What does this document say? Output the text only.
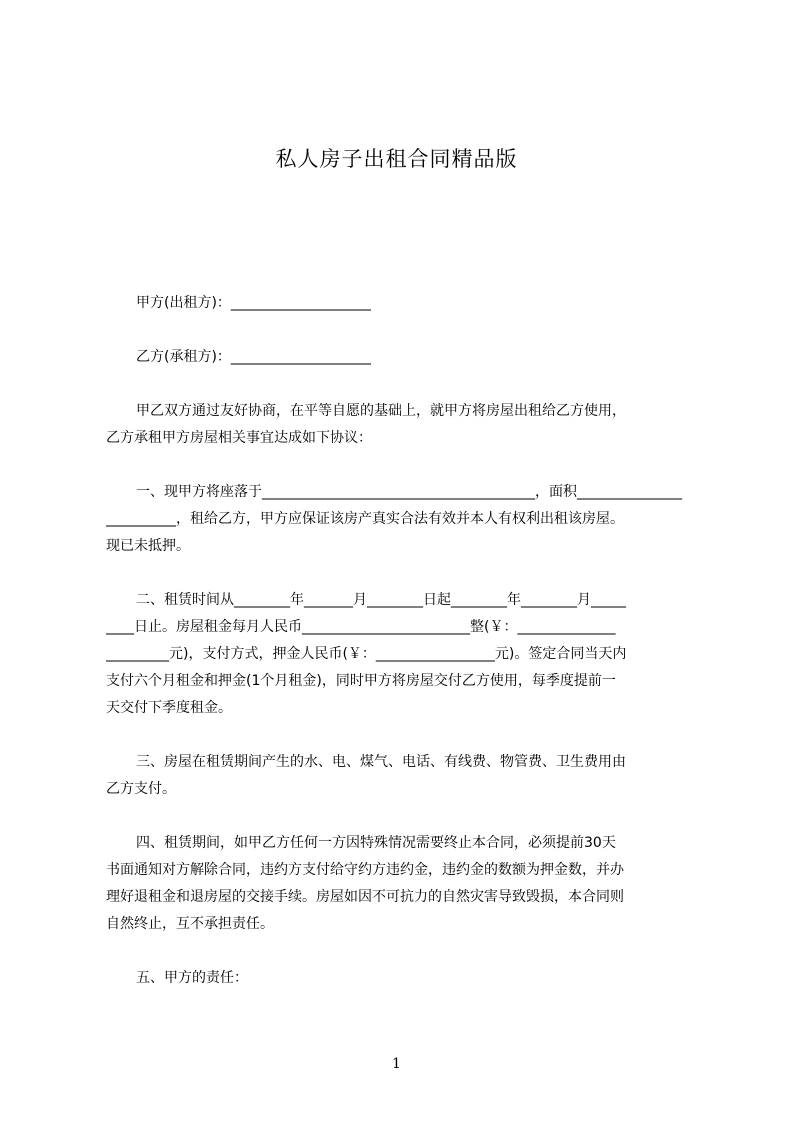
私人房子出租合同精品版
甲方(出租方)：____________________
乙方(承租方)：____________________
甲乙双方通过友好协商，在平等自愿的基础上，就甲方将房屋出租给乙方使用，
乙方承租甲方房屋相关事宜达成如下协议：
一、现甲方将座落于_______________________________________，面积_______________
__________，租给乙方，甲方应保证该房产真实合法有效并本人有权利出租该房屋。
现已未抵押。
二、租赁时间从________年_______月________日起________年________月_____
____日止。房屋租金每月人民币________________________整(￥：______________
_________元)，支付方式，押金人民币(￥：_________________元)。签定合同当天内
支付六个月租金和押金(1个月租金)，同时甲方将房屋交付乙方使用，每季度提前一
天交付下季度租金。
三、房屋在租赁期间产生的水、电、煤气、电话、有线费、物管费、卫生费用由
乙方支付。
四、租赁期间，如甲乙方任何一方因特殊情况需要终止本合同，必须提前30天
书面通知对方解除合同，违约方支付给守约方违约金，违约金的数额为押金数，并办
理好退租金和退房屋的交接手续。房屋如因不可抗力的自然灾害导致毁损，本合同则
自然终止，互不承担责任。
五、甲方的责任：
1
